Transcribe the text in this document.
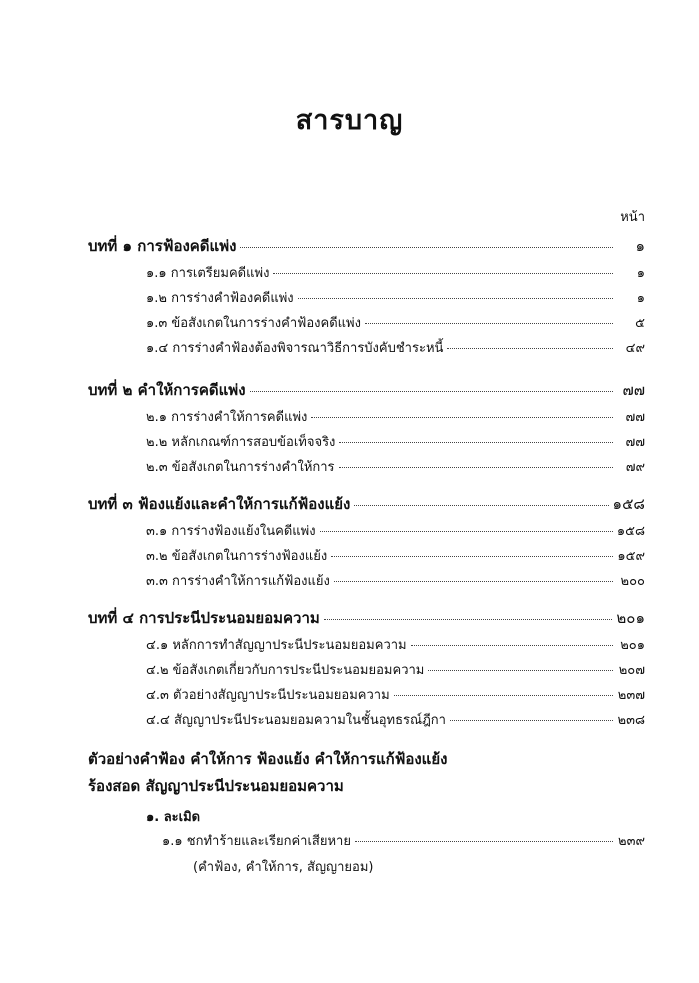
สารบาญ
หน้า
บทที่ ๑ การฟ้องคดีแพ่ง	๑
๑.๑ การเตรียมคดีแพ่ง	๑
๑.๒ การร่างคำฟ้องคดีแพ่ง	๑
๑.๓ ข้อสังเกตในการร่างคำฟ้องคดีแพ่ง	๕
๑.๔ การร่างคำฟ้องต้องพิจารณาวิธีการบังคับชำระหนี้	๔๙
บทที่ ๒ คำให้การคดีแพ่ง	๗๗
๒.๑ การร่างคำให้การคดีแพ่ง	๗๗
๒.๒ หลักเกณฑ์การสอบข้อเท็จจริง	๗๗
๒.๓ ข้อสังเกตในการร่างคำให้การ	๗๙
บทที่ ๓ ฟ้องแย้งและคำให้การแก้ฟ้องแย้ง	๑๕๘
๓.๑ การร่างฟ้องแย้งในคดีแพ่ง	๑๕๘
๓.๒ ข้อสังเกตในการร่างฟ้องแย้ง	๑๕๙
๓.๓ การร่างคำให้การแก้ฟ้องแย้ง	๒๐๐
บทที่ ๔ การประนีประนอมยอมความ	๒๐๑
๔.๑ หลักการทำสัญญาประนีประนอมยอมความ	๒๐๑
๔.๒ ข้อสังเกตเกี่ยวกับการประนีประนอมยอมความ	๒๐๗
๔.๓ ตัวอย่างสัญญาประนีประนอมยอมความ	๒๓๗
๔.๔ สัญญาประนีประนอมยอมความในชั้นอุทธรณ์ฎีกา	๒๓๘
ตัวอย่างคำฟ้อง คำให้การ ฟ้องแย้ง คำให้การแก้ฟ้องแย้ง
ร้องสอด สัญญาประนีประนอมยอมความ
๑. ละเมิด
๑.๑ ชกทำร้ายและเรียกค่าเสียหาย	๒๓๙
(คำฟ้อง, คำให้การ, สัญญายอม)
